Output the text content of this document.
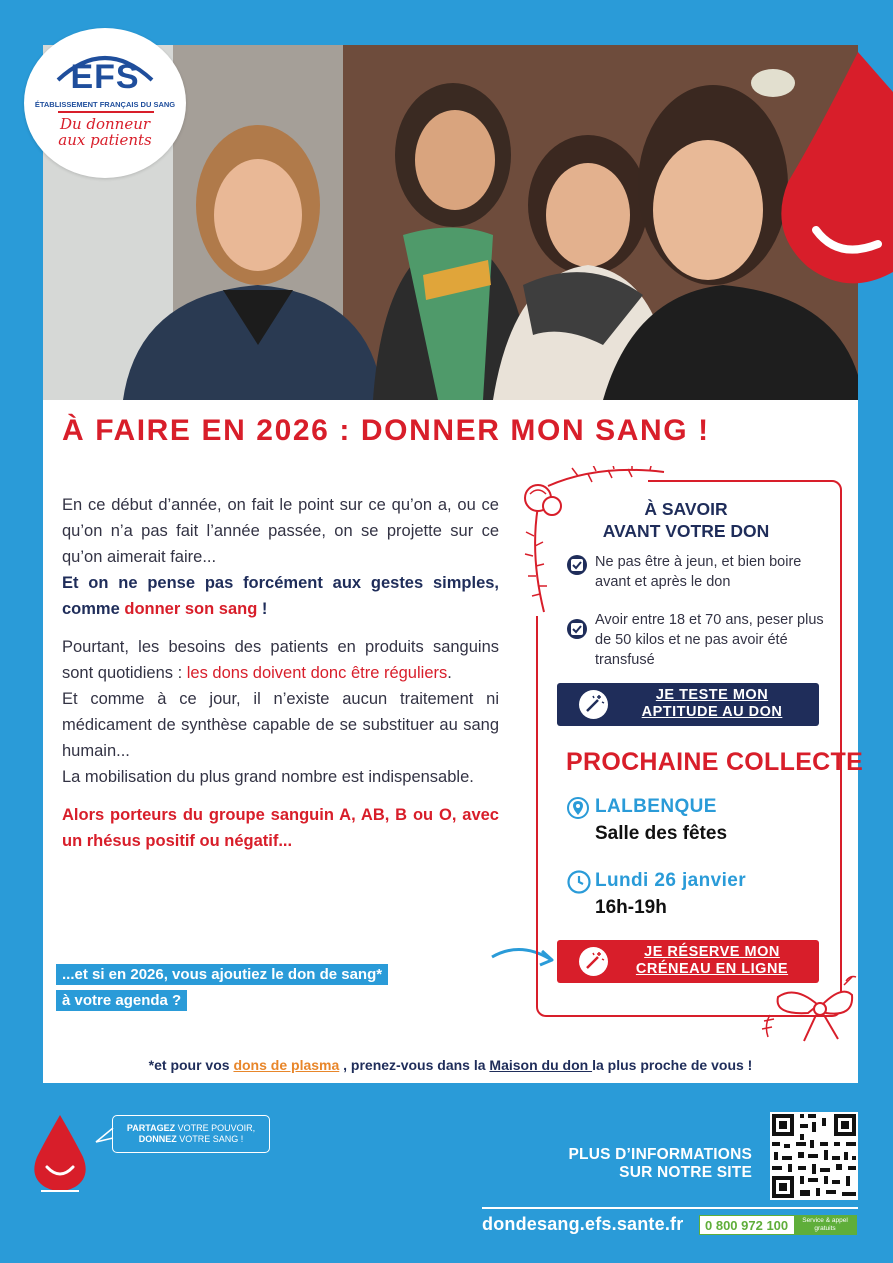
EFS
ÉTABLISSEMENT FRANÇAIS DU SANG
Du donneur
aux patients
À FAIRE EN 2026 : DONNER MON SANG !

En ce début d’année, on fait le point sur ce qu’on a, ou ce qu’on n’a pas fait l’année passée, on se projette sur ce qu’on aimerait faire...

Et on ne pense pas forcément aux gestes simples, comme donner son sang !

Pourtant, les besoins des patients en produits sanguins sont quotidiens : les dons doivent donc être réguliers.

Et comme à ce jour, il n’existe aucun traitement ni médicament de synthèse capable de se substituer au sang humain...

La mobilisation du plus grand nombre est indispensable.

Alors porteurs du groupe sanguin A, AB, B ou O, avec un rhésus positif ou négatif...

...et si en 2026, vous ajoutiez le don de sang*
à votre agenda ?
À SAVOIR
AVANT VOTRE DON
Ne pas être à jeun, et bien boire avant et après le don
Avoir entre 18 et 70 ans, peser plus de 50 kilos et ne pas avoir été transfusé
JE TESTE MON
APTITUDE AU DON
PROCHAINE COLLECTE
LALBENQUE
Salle des fêtes
Lundi 26 janvier
16h-19h
JE RÉSERVE MON
CRÉNEAU EN LIGNE
*et pour vos dons de plasma , prenez-vous dans la Maison du don la plus proche de vous !
PARTAGEZ VOTRE POUVOIR,
DONNEZ VOTRE SANG !
PLUS D’INFORMATIONS
SUR NOTRE SITE
dondesang.efs.sante.fr 0 800 972 100	Service & appel gratuits
